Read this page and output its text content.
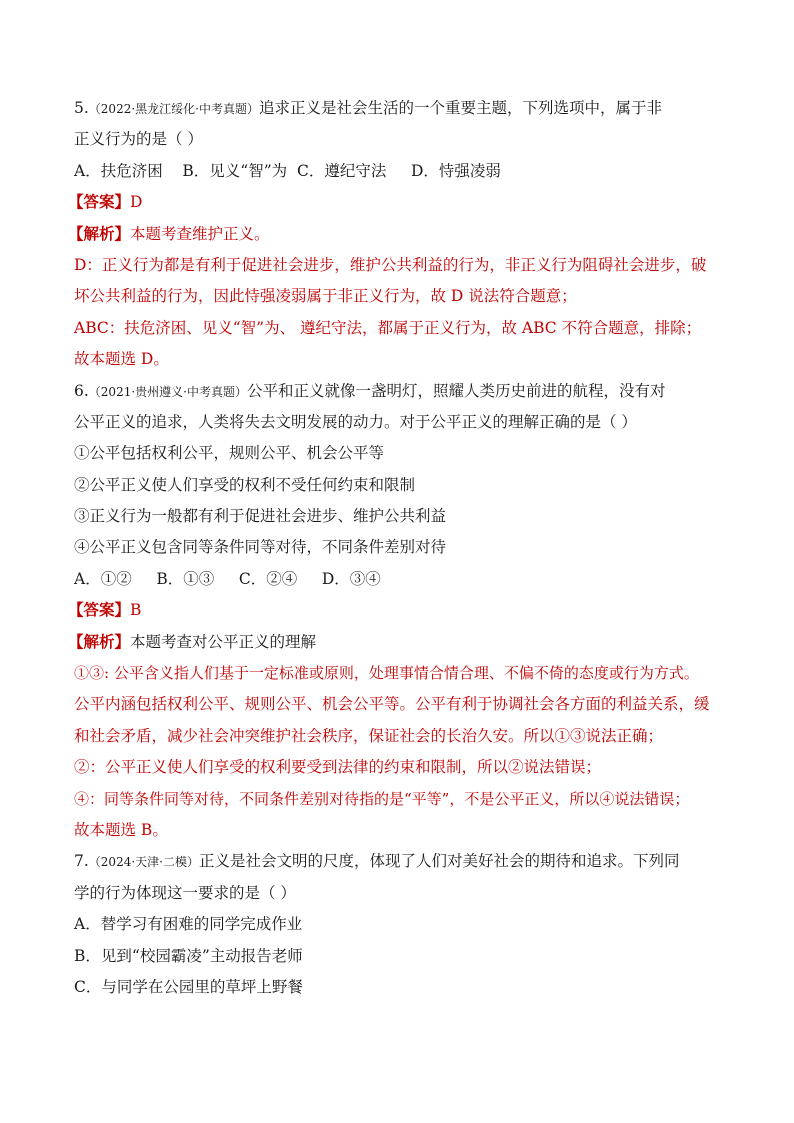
5.（2022·黑龙江绥化·中考真题）追求正义是社会生活的一个重要主题，下列选项中，属于非
正义行为的是（ ）
A．扶危济困    B．见义“智”为  C．遵纪守法     D．恃强凌弱
【答案】D
【解析】本题考查维护正义。
D：正义行为都是有利于促进社会进步，维护公共利益的行为，非正义行为阻碍社会进步，破
坏公共利益的行为，因此恃强凌弱属于非正义行为，故 D 说法符合题意；
ABC：扶危济困、见义“智”为、 遵纪守法，都属于正义行为，故 ABC 不符合题意，排除；
故本题选 D。
6.（2021·贵州遵义·中考真题）公平和正义就像一盏明灯，照耀人类历史前进的航程，没有对
公平正义的追求，人类将失去文明发展的动力。对于公平正义的理解正确的是（ ）
①公平包括权利公平，规则公平、机会公平等
②公平正义使人们享受的权利不受任何约束和限制
③正义行为一般都有利于促进社会进步、维护公共利益
④公平正义包含同等条件同等对待，不同条件差别对待
A．①②     B．①③     C．②④     D．③④
【答案】B
【解析】本题考查对公平正义的理解
①③: 公平含义指人们基于一定标准或原则，处理事情合情合理、不偏不倚的态度或行为方式。
公平内涵包括权利公平、规则公平、机会公平等。公平有利于协调社会各方面的利益关系，缓
和社会矛盾，减少社会冲突维护社会秩序，保证社会的长治久安。所以①③说法正确；
②：公平正义使人们享受的权利要受到法律的约束和限制，所以②说法错误；
④：同等条件同等对待，不同条件差别对待指的是“平等”，不是公平正义，所以④说法错误；
故本题选 B。
7.（2024·天津·二模）正义是社会文明的尺度，体现了人们对美好社会的期待和追求。下列同
学的行为体现这一要求的是（ ）
A．替学习有困难的同学完成作业
B．见到“校园霸凌”主动报告老师
C．与同学在公园里的草坪上野餐
